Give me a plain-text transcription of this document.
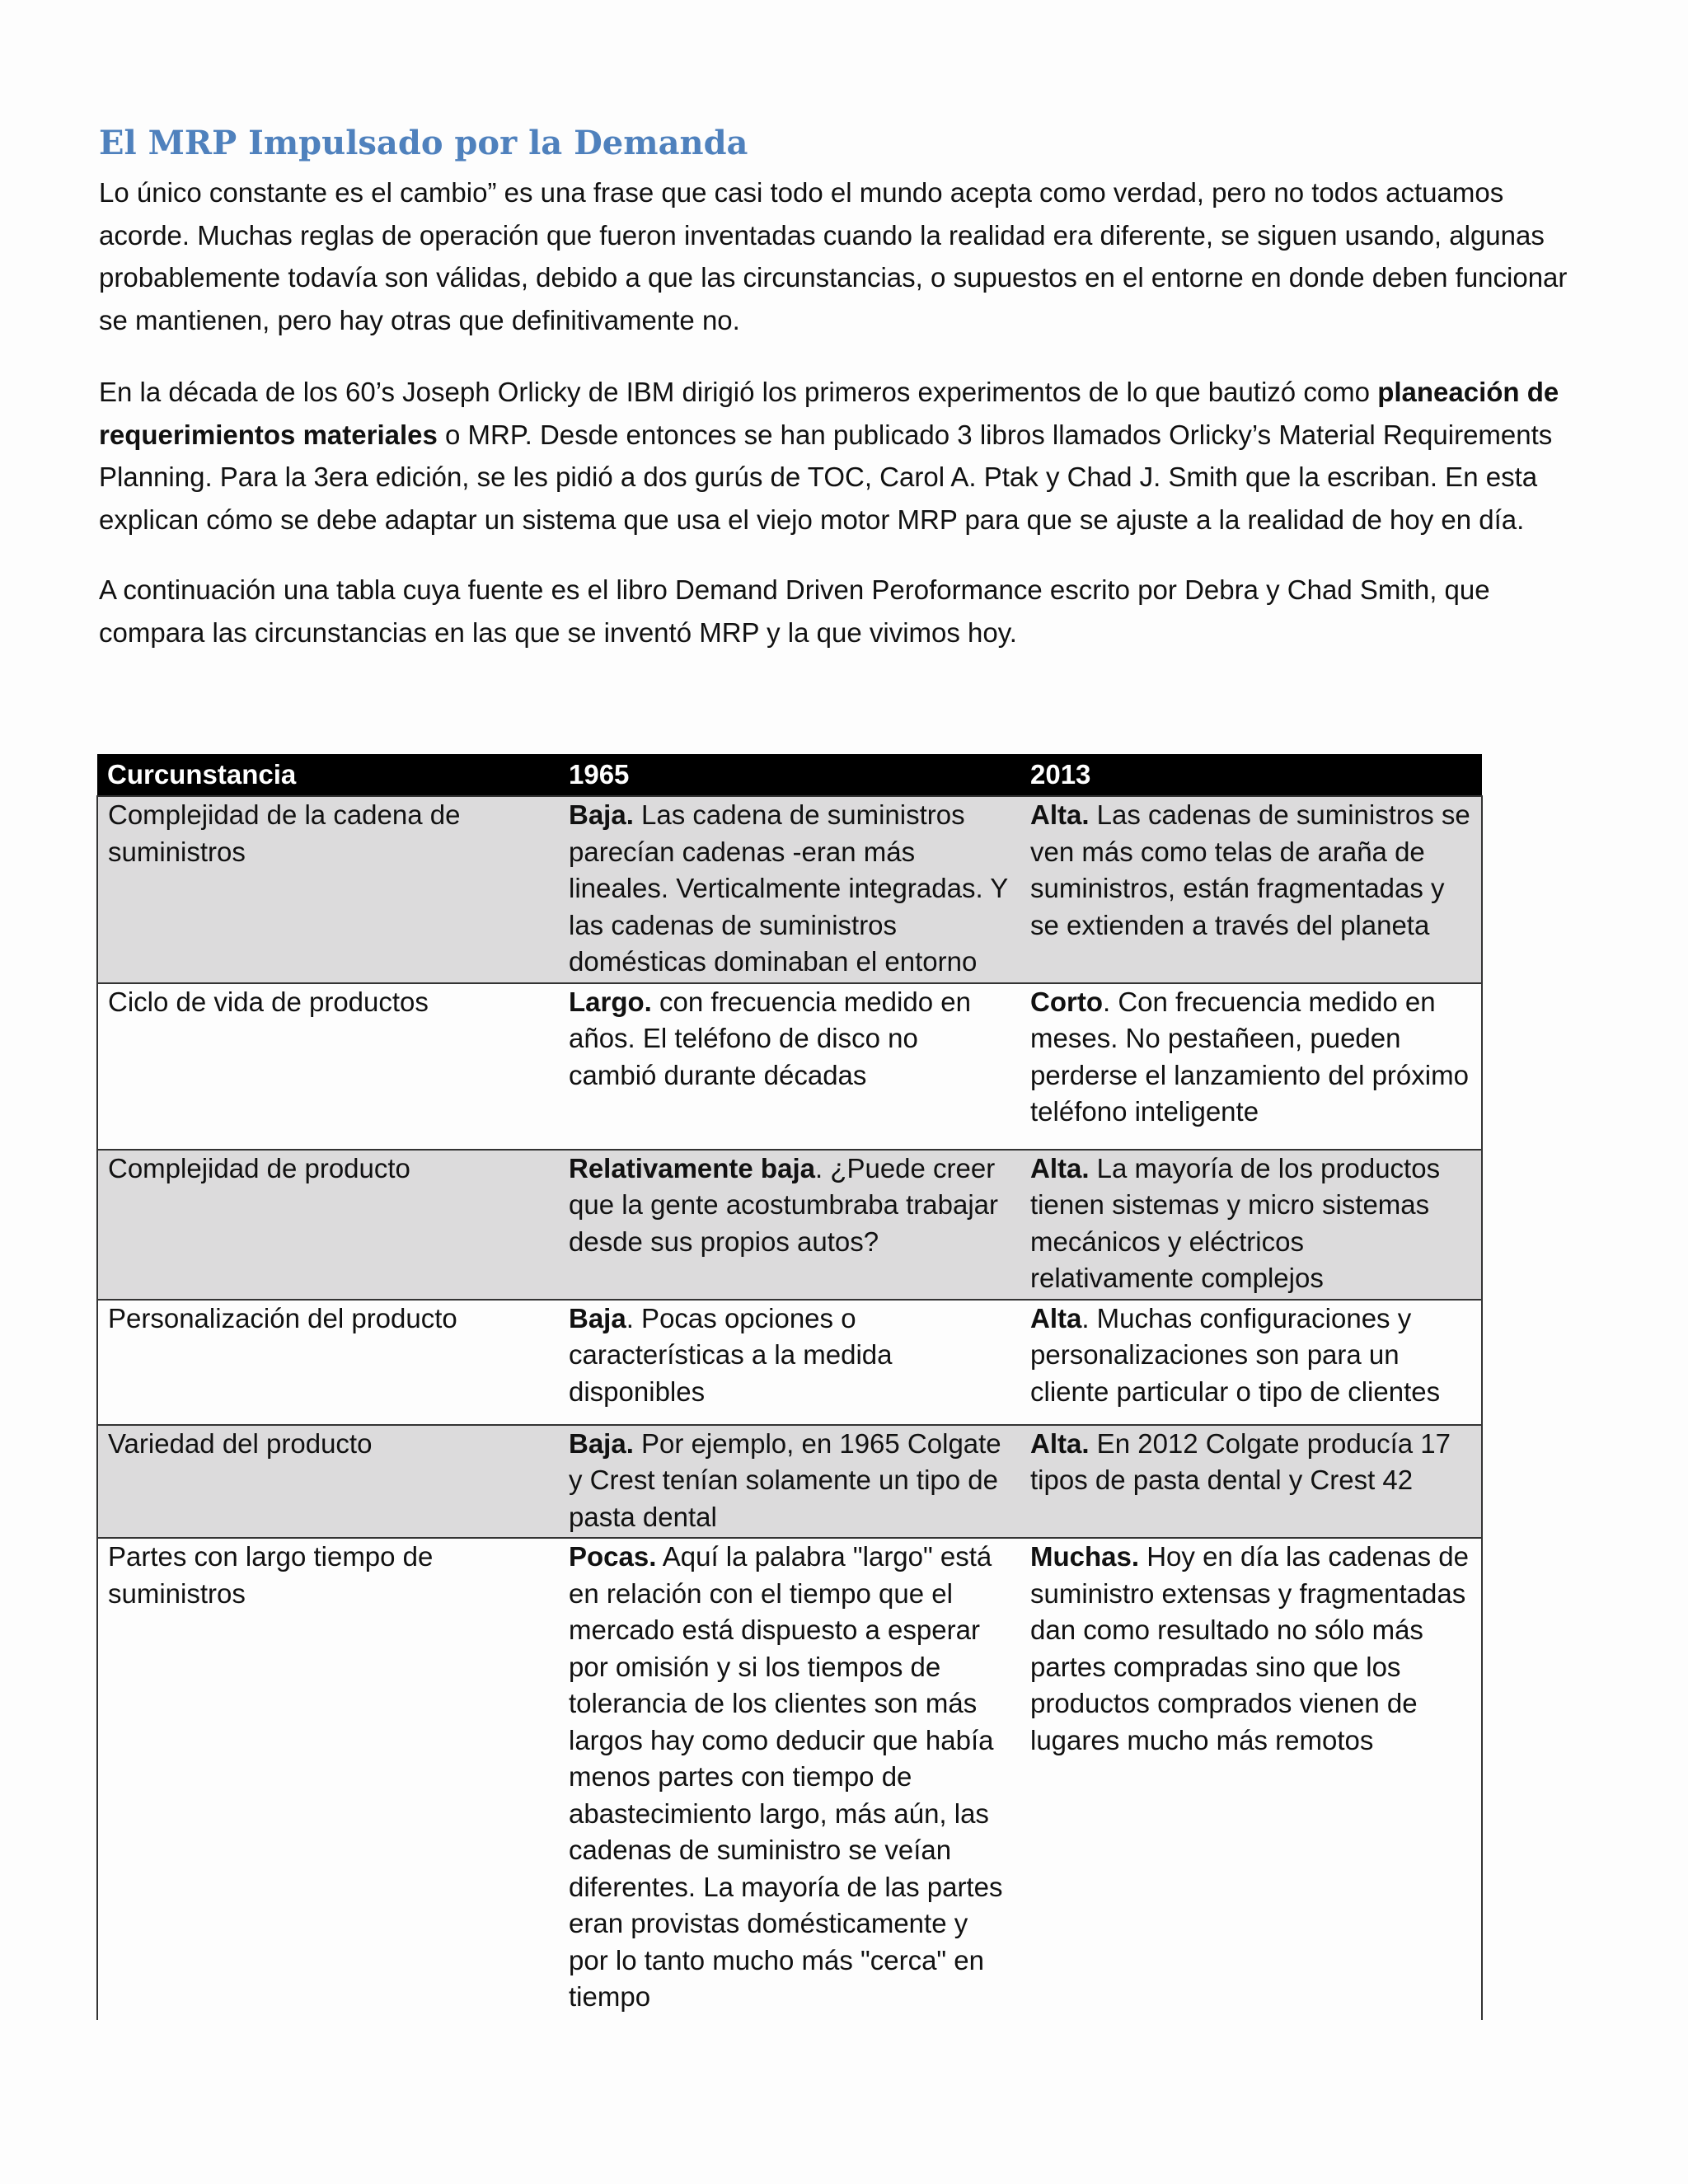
El MRP Impulsado por la Demanda

Lo único constante es el cambio” es una frase que casi todo el mundo acepta como verdad, pero no todos actuamos acorde. Muchas reglas de operación que fueron inventadas cuando la realidad era diferente, se siguen usando, algunas probablemente todavía son válidas, debido a que las circunstancias, o supuestos en el entorne en donde deben funcionar se mantienen, pero hay otras que definitivamente no.

En la década de los 60’s Joseph Orlicky de IBM dirigió los primeros experimentos de lo que bautizó como planeación de requerimientos materiales o MRP. Desde entonces se han publicado 3 libros llamados Orlicky’s Material Requirements Planning. Para la 3era edición, se les pidió a dos gurús de TOC, Carol A. Ptak y Chad J. Smith que la escriban. En esta explican cómo se debe adaptar un sistema que usa el viejo motor MRP para que se ajuste a la realidad de hoy en día.

A continuación una tabla cuya fuente es el libro Demand Driven Peroformance escrito por Debra y Chad Smith, que compara las circunstancias en las que se inventó MRP y la que vivimos hoy.

Curcunstancia	1965	2013
Complejidad de la cadena de suministros	Baja. Las cadena de suministros parecían cadenas -eran más lineales. Verticalmente integradas. Y las cadenas de suministros domésticas dominaban el entorno	Alta. Las cadenas de suministros se ven más como telas de araña de suministros, están fragmentadas y se extienden a través del planeta
Ciclo de vida de productos	Largo. con frecuencia medido en años. El teléfono de disco no cambió durante décadas	Corto. Con frecuencia medido en meses. No pestañeen, pueden perderse el lanzamiento del próximo teléfono inteligente
Complejidad de producto	Relativamente baja. ¿Puede creer que la gente acostumbraba trabajar desde sus propios autos?	Alta. La mayoría de los productos tienen sistemas y micro sistemas mecánicos y eléctricos relativamente complejos
Personalización del producto	Baja. Pocas opciones o características a la medida disponibles	Alta. Muchas configuraciones y personalizaciones son para un cliente particular o tipo de clientes
Variedad del producto	Baja. Por ejemplo, en 1965 Colgate y Crest tenían solamente un tipo de pasta dental	Alta. En 2012 Colgate producía 17 tipos de pasta dental y Crest 42
Partes con largo tiempo de suministros	Pocas. Aquí la palabra "largo" está en relación con el tiempo que el mercado está dispuesto a esperar por omisión y si los tiempos de tolerancia de los clientes son más largos hay como deducir que había menos partes con tiempo de abastecimiento largo, más aún, las cadenas de suministro se veían diferentes. La mayoría de las partes eran provistas domésticamente y por lo tanto mucho más "cerca" en tiempo	Muchas. Hoy en día las cadenas de suministro extensas y fragmentadas dan como resultado no sólo más partes compradas sino que los productos comprados vienen de lugares mucho más remotos
